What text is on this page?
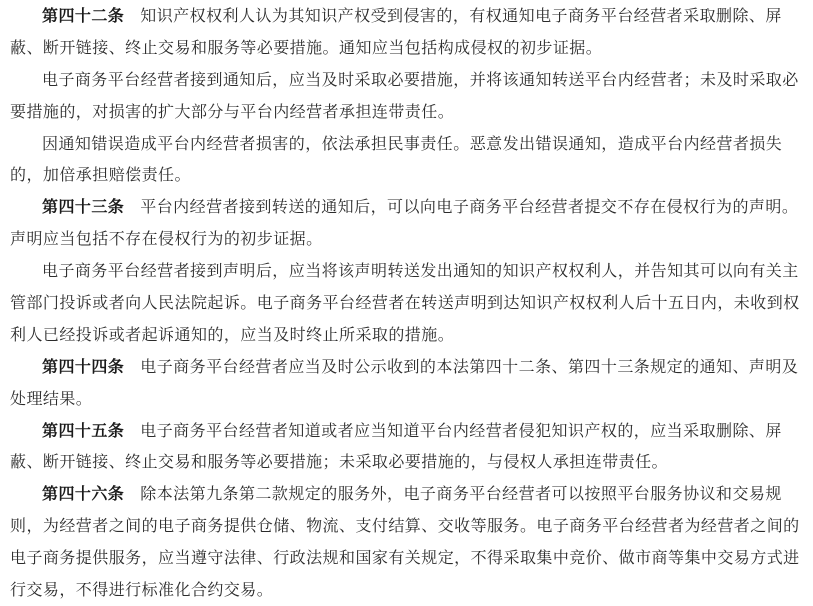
第四十二条 知识产权权利人认为其知识产权受到侵害的，有权通知电子商务平台经营者采取删除、屏
蔽、断开链接、终止交易和服务等必要措施。通知应当包括构成侵权的初步证据。
电子商务平台经营者接到通知后，应当及时采取必要措施，并将该通知转送平台内经营者；未及时采取必
要措施的，对损害的扩大部分与平台内经营者承担连带责任。
因通知错误造成平台内经营者损害的，依法承担民事责任。恶意发出错误通知，造成平台内经营者损失
的，加倍承担赔偿责任。
第四十三条 平台内经营者接到转送的通知后，可以向电子商务平台经营者提交不存在侵权行为的声明。
声明应当包括不存在侵权行为的初步证据。
电子商务平台经营者接到声明后，应当将该声明转送发出通知的知识产权权利人，并告知其可以向有关主
管部门投诉或者向人民法院起诉。电子商务平台经营者在转送声明到达知识产权权利人后十五日内，未收到权
利人已经投诉或者起诉通知的，应当及时终止所采取的措施。
第四十四条 电子商务平台经营者应当及时公示收到的本法第四十二条、第四十三条规定的通知、声明及
处理结果。
第四十五条 电子商务平台经营者知道或者应当知道平台内经营者侵犯知识产权的，应当采取删除、屏
蔽、断开链接、终止交易和服务等必要措施；未采取必要措施的，与侵权人承担连带责任。
第四十六条 除本法第九条第二款规定的服务外，电子商务平台经营者可以按照平台服务协议和交易规
则，为经营者之间的电子商务提供仓储、物流、支付结算、交收等服务。电子商务平台经营者为经营者之间的
电子商务提供服务，应当遵守法律、行政法规和国家有关规定，不得采取集中竞价、做市商等集中交易方式进
行交易，不得进行标准化合约交易。
